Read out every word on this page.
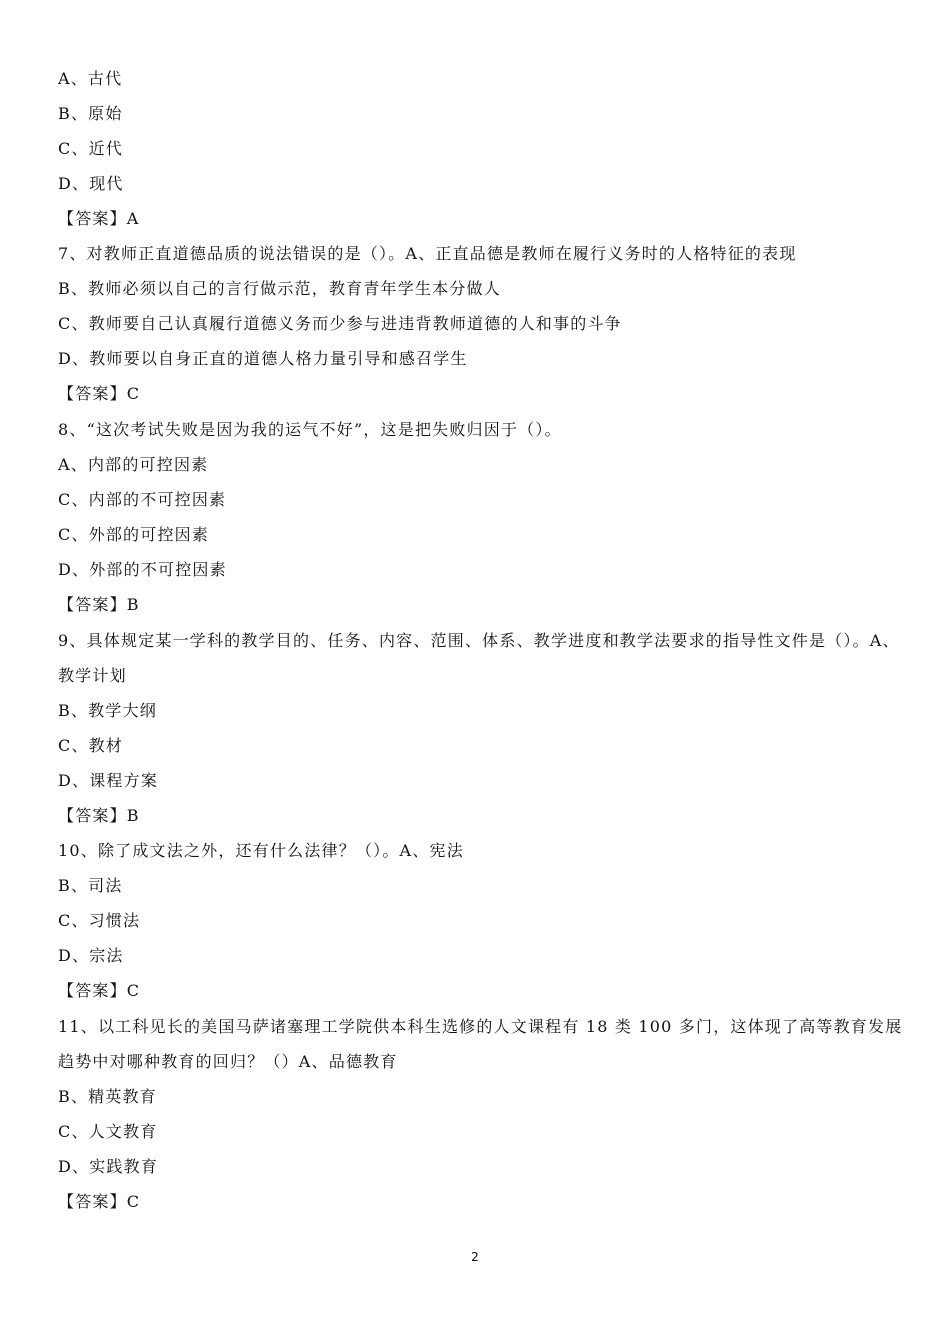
A、古代
B、原始
C、近代
D、现代
【答案】A
7、对教师正直道德品质的说法错误的是（）。A、正直品德是教师在履行义务时的人格特征的表现
B、教师必须以自己的言行做示范，教育青年学生本分做人
C、教师要自己认真履行道德义务而少参与进违背教师道德的人和事的斗争
D、教师要以自身正直的道德人格力量引导和感召学生
【答案】C
8、“这次考试失败是因为我的运气不好”，这是把失败归因于（）。
A、内部的可控因素
C、内部的不可控因素
C、外部的可控因素
D、外部的不可控因素
【答案】B
9、具体规定某一学科的教学目的、任务、内容、范围、体系、教学进度和教学法要求的指导性文件是（）。A、
教学计划
B、教学大纲
C、教材
D、课程方案
【答案】B
10、除了成文法之外，还有什么法律？（）。A、宪法
B、司法
C、习惯法
D、宗法
【答案】C
11、以工科见长的美国马萨诸塞理工学院供本科生选修的人文课程有 18 类 100 多门，这体现了高等教育发展
趋势中对哪种教育的回归？（）A、品德教育
B、精英教育
C、人文教育
D、实践教育
【答案】C
2
